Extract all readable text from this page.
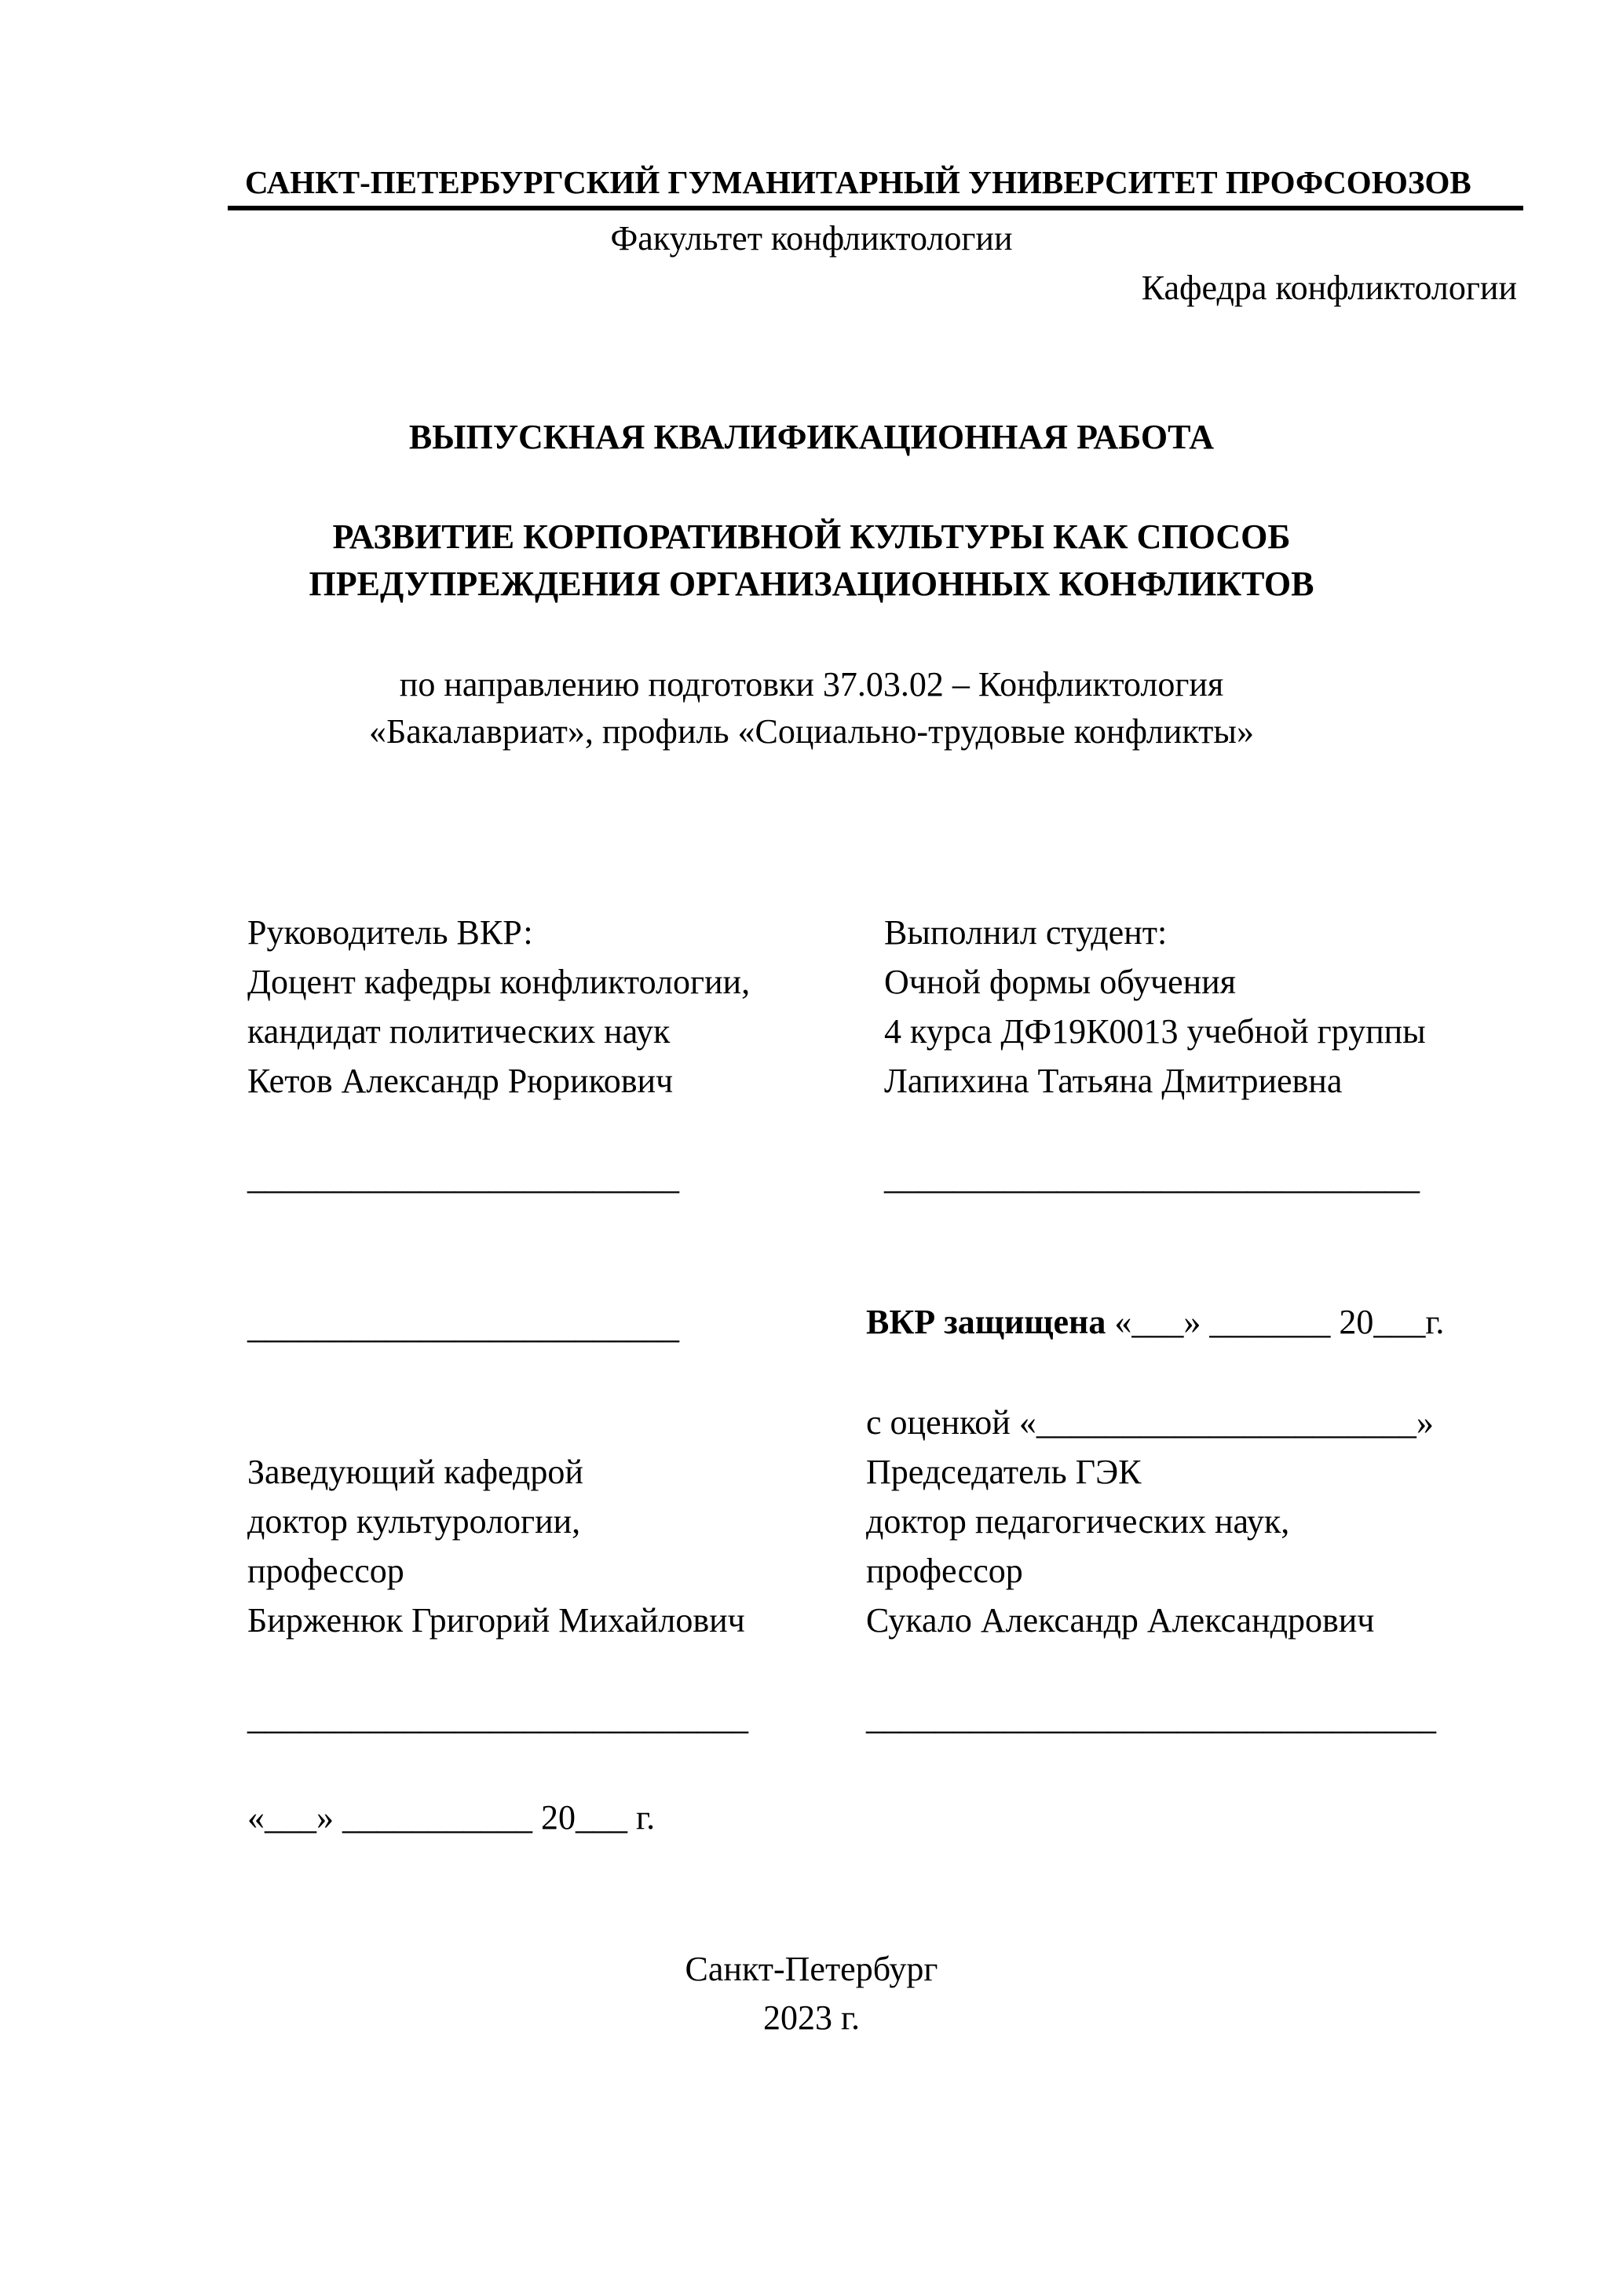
САНКТ-ПЕТЕРБУРГСКИЙ ГУМАНИТАРНЫЙ УНИВЕРСИТЕТ ПРОФСОЮЗОВ
Факультет конфликтологии
Кафедра конфликтологии
ВЫПУСКНАЯ КВАЛИФИКАЦИОННАЯ РАБОТА
РАЗВИТИЕ КОРПОРАТИВНОЙ КУЛЬТУРЫ КАК СПОСОБ
ПРЕДУПРЕЖДЕНИЯ ОРГАНИЗАЦИОННЫХ КОНФЛИКТОВ
по направлению подготовки 37.03.02 – Конфликтология
«Бакалавриат», профиль «Социально-трудовые конфликты»
Руководитель ВКР:
Доцент кафедры конфликтологии,
кандидат политических наук
Кетов Александр Рюрикович
_________________________
_________________________
Выполнил студент:
Очной формы обучения
4 курса ДФ19К0013 учебной группы
Лапихина Татьяна Дмитриевна
_______________________________
ВКР защищена «___» _______ 20___г.
с оценкой «______________________»
Заведующий кафедрой
доктор культурологии,
профессор
Бирженюк Григорий Михайлович
_____________________________
«___» ___________ 20___ г.
Председатель ГЭК
доктор педагогических наук,
профессор
Сукало Александр Александрович
_________________________________
Санкт-Петербург
2023 г.
